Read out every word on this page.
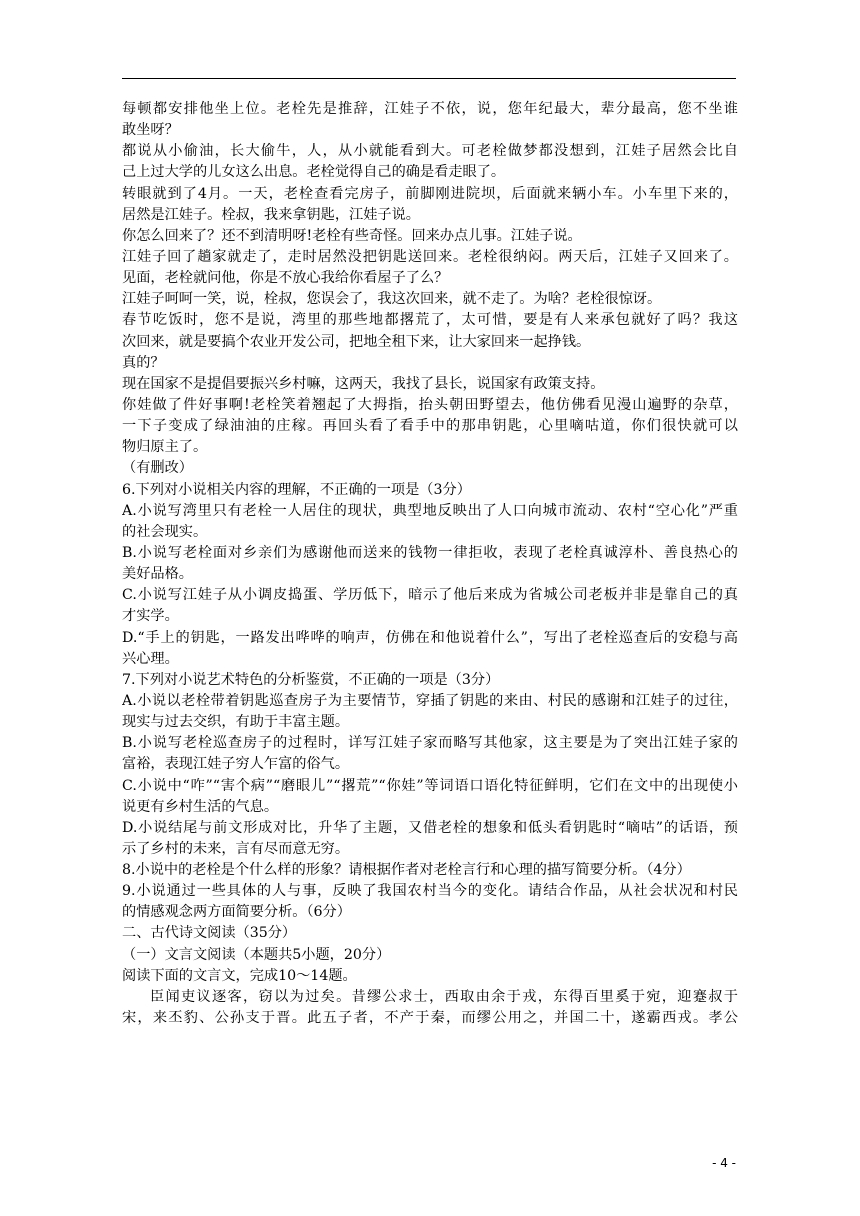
每顿都安排他坐上位。老栓先是推辞，江娃子不依，说，您年纪最大，辈分最高，您不坐谁
敢坐呀？
都说从小偷油，长大偷牛，人，从小就能看到大。可老栓做梦都没想到，江娃子居然会比自
己上过大学的儿女这么出息。老栓觉得自己的确是看走眼了。
转眼就到了4月。一天，老栓查看完房子，前脚刚进院坝，后面就来辆小车。小车里下来的，
居然是江娃子。栓叔，我来拿钥匙，江娃子说。
你怎么回来了？还不到清明呀!老栓有些奇怪。回来办点儿事。江娃子说。
江娃子回了趟家就走了，走时居然没把钥匙送回来。老栓很纳闷。两天后，江娃子又回来了。
见面，老栓就问他，你是不放心我给你看屋子了么？
江娃子呵呵一笑，说，栓叔，您误会了，我这次回来，就不走了。为啥？老栓很惊讶。
春节吃饭时，您不是说，湾里的那些地都撂荒了，太可惜，要是有人来承包就好了吗？我这
次回来，就是要搞个农业开发公司，把地全租下来，让大家回来一起挣钱。
真的？
现在国家不是提倡要振兴乡村嘛，这两天，我找了县长，说国家有政策支持。
你娃做了件好事啊!老栓笑着翘起了大拇指，抬头朝田野望去，他仿佛看见漫山遍野的杂草，
一下子变成了绿油油的庄稼。再回头看了看手中的那串钥匙，心里嘀咕道，你们很快就可以
物归原主了。
（有删改）
6.下列对小说相关内容的理解，不正确的一项是（3分）
A.小说写湾里只有老栓一人居住的现状，典型地反映出了人口向城市流动、农村“空心化”严重
的社会现实。
B.小说写老栓面对乡亲们为感谢他而送来的钱物一律拒收，表现了老栓真诚淳朴、善良热心的
美好品格。
C.小说写江娃子从小调皮捣蛋、学历低下，暗示了他后来成为省城公司老板并非是靠自己的真
才实学。
D.“手上的钥匙，一路发出哗哗的响声，仿佛在和他说着什么”，写出了老栓巡查后的安稳与高
兴心理。
7.下列对小说艺术特色的分析鉴赏，不正确的一项是（3分）
A.小说以老栓带着钥匙巡查房子为主要情节，穿插了钥匙的来由、村民的感谢和江娃子的过往，
现实与过去交织，有助于丰富主题。
B.小说写老栓巡查房子的过程时，详写江娃子家而略写其他家，这主要是为了突出江娃子家的
富裕，表现江娃子穷人乍富的俗气。
C.小说中“咋”“害个病”“磨眼儿”“撂荒”“你娃”等词语口语化特征鲜明，它们在文中的出现使小
说更有乡村生活的气息。
D.小说结尾与前文形成对比，升华了主题，又借老栓的想象和低头看钥匙时“嘀咕”的话语，预
示了乡村的未来，言有尽而意无穷。
8.小说中的老栓是个什么样的形象？请根据作者对老栓言行和心理的描写简要分析。（4分）
9.小说通过一些具体的人与事，反映了我国农村当今的变化。请结合作品，从社会状况和村民
的情感观念两方面简要分析。（6分）
二、古代诗文阅读（35分）
（一）文言文阅读（本题共5小题，20分）
阅读下面的文言文，完成10～14题。
臣闻吏议逐客，窃以为过矣。昔缪公求士，西取由余于戎，东得百里奚于宛，迎蹇叔于
宋，来丕豹、公孙支于晋。此五子者，不产于秦，而缪公用之，并国二十，遂霸西戎。孝公
- 4 -
